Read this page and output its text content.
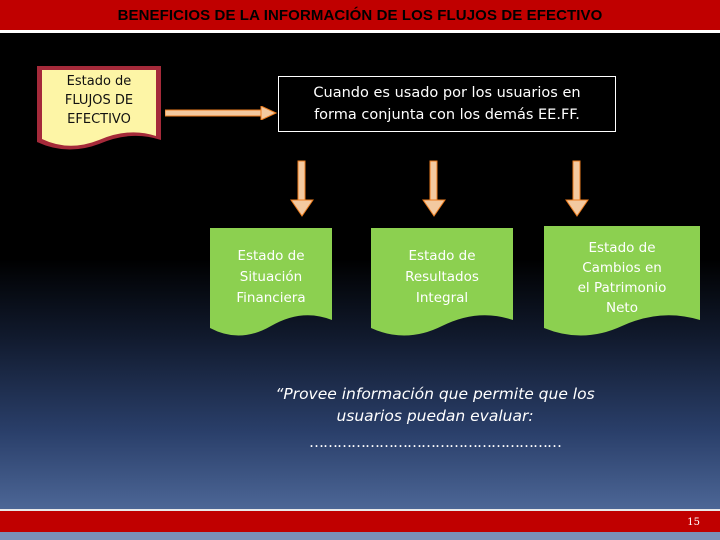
BENEFICIOS DE LA INFORMACIÓN DE LOS FLUJOS DE EFECTIVO
Estado de
FLUJOS DE
EFECTIVO
Cuando es usado por los usuarios en
forma conjunta con los demás EE.FF.
Estado de
Situación
Financiera
Estado de
Resultados
Integral
Estado de
Cambios en
el Patrimonio
Neto
“Provee información que permite que los
usuarios puedan evaluar:
………………………………………………
15
